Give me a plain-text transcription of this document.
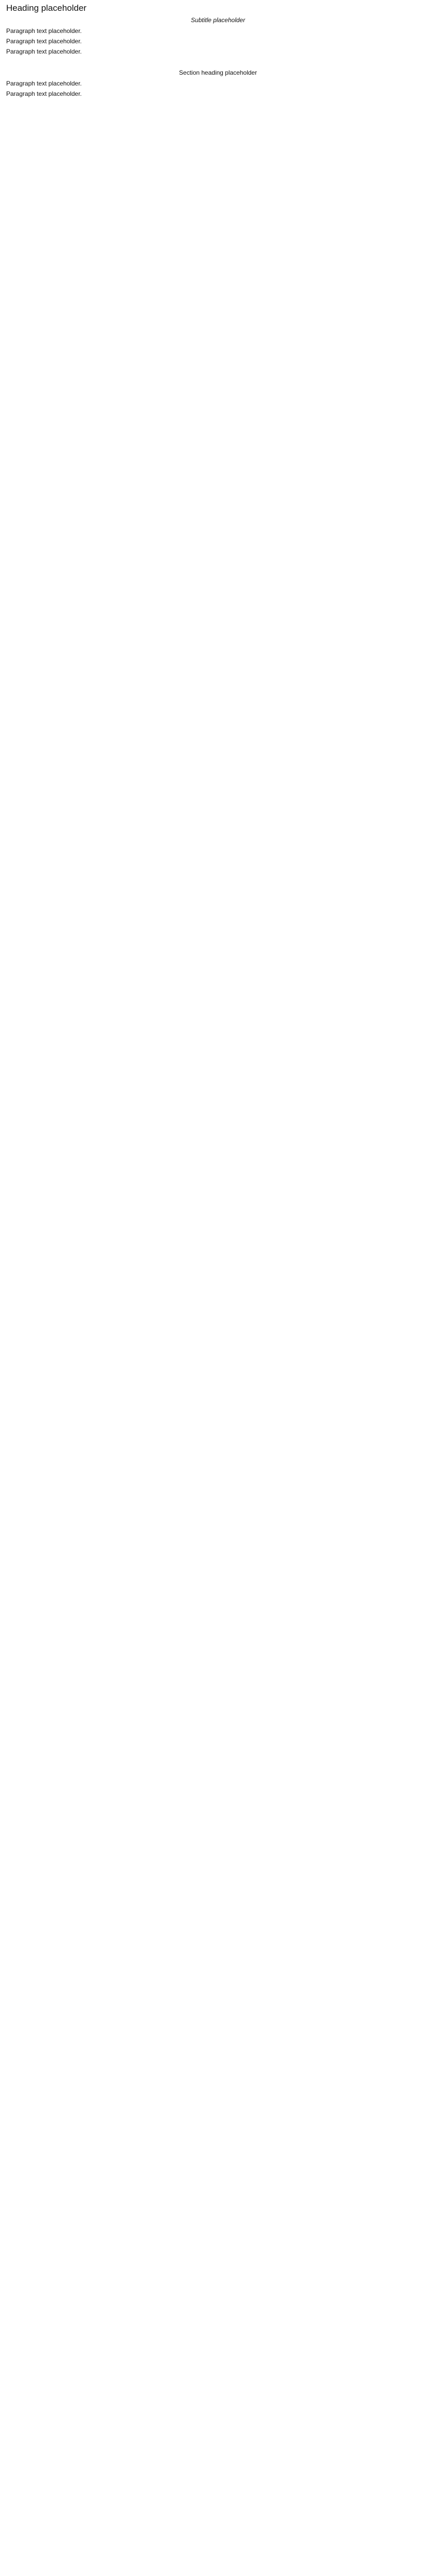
Heading placeholder
Subtitle placeholder

Paragraph text placeholder.

Paragraph text placeholder.

Paragraph text placeholder.

Section heading placeholder

Paragraph text placeholder.

Paragraph text placeholder.
